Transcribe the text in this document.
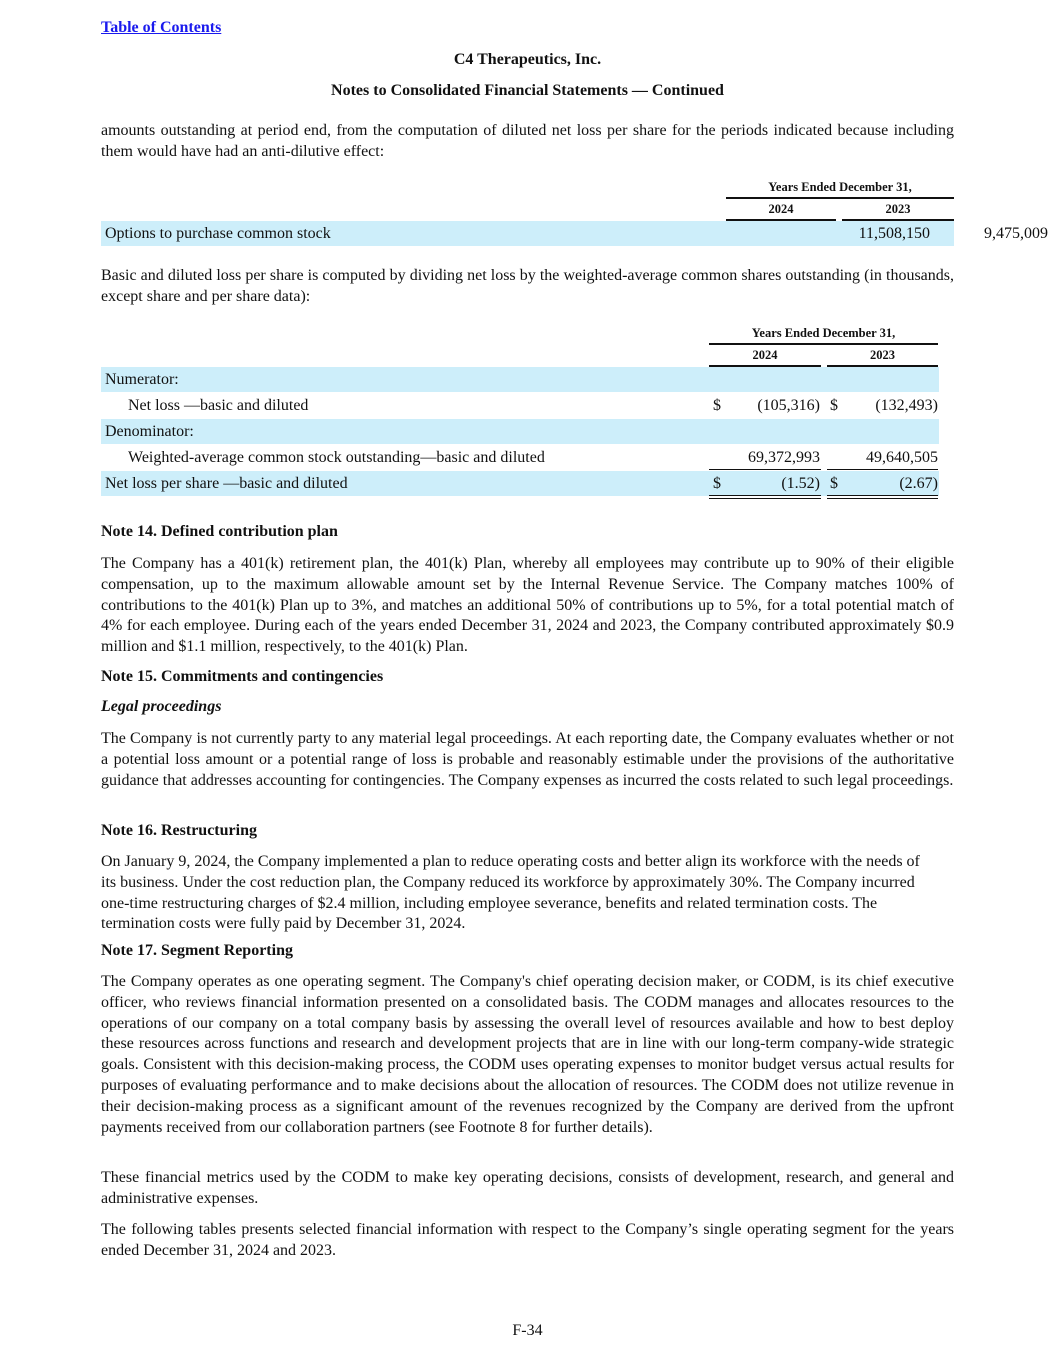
Table of Contents
C4 Therapeutics, Inc.
Notes to Consolidated Financial Statements — Continued
amounts outstanding at period end, from the computation of diluted net loss per share for the periods indicated because including them would have had an anti-dilutive effect:
Years Ended December 31,
2024	2023
Options to purchase common stock	11,508,150	9,475,009
Basic and diluted loss per share is computed by dividing net loss by the weighted-average common shares outstanding (in thousands, except share and per share data):
Years Ended December 31,
2024	2023
Numerator:
Net loss —basic and diluted	$	(105,316) $	(132,493)
Denominator:
Weighted-average common stock outstanding—basic and diluted	69,372,993	49,640,505
Net loss per share —basic and diluted	$	(1.52) $	(2.67)
Note 14. Defined contribution plan
The Company has a 401(k) retirement plan, the 401(k) Plan, whereby all employees may contribute up to 90% of their eligible compensation, up to the maximum allowable amount set by the Internal Revenue Service. The Company matches 100% of contributions to the 401(k) Plan up to 3%, and matches an additional 50% of contributions up to 5%, for a total potential match of 4% for each employee. During each of the years ended December 31, 2024 and 2023, the Company contributed approximately $0.9 million and $1.1 million, respectively, to the 401(k) Plan.
Note 15. Commitments and contingencies
Legal proceedings
The Company is not currently party to any material legal proceedings. At each reporting date, the Company evaluates whether or not a potential loss amount or a potential range of loss is probable and reasonably estimable under the provisions of the authoritative guidance that addresses accounting for contingencies. The Company expenses as incurred the costs related to such legal proceedings.
Note 16. Restructuring
On January 9, 2024, the Company implemented a plan to reduce operating costs and better align its workforce with the needs of its business. Under the cost reduction plan, the Company reduced its workforce by approximately 30%. The Company incurred one-time restructuring charges of $2.4 million, including employee severance, benefits and related termination costs. The termination costs were fully paid by December 31, 2024.
Note 17. Segment Reporting
The Company operates as one operating segment. The Company's chief operating decision maker, or CODM, is its chief executive officer, who reviews financial information presented on a consolidated basis. The CODM manages and allocates resources to the operations of our company on a total company basis by assessing the overall level of resources available and how to best deploy these resources across functions and research and development projects that are in line with our long-term company-wide strategic goals. Consistent with this decision-making process, the CODM uses operating expenses to monitor budget versus actual results for purposes of evaluating performance and to make decisions about the allocation of resources. The CODM does not utilize revenue in their decision-making process as a significant amount of the revenues recognized by the Company are derived from the upfront payments received from our collaboration partners (see Footnote 8 for further details).
These financial metrics used by the CODM to make key operating decisions, consists of development, research, and general and administrative expenses.
The following tables presents selected financial information with respect to the Company’s single operating segment for the years ended December 31, 2024 and 2023.
F-34
